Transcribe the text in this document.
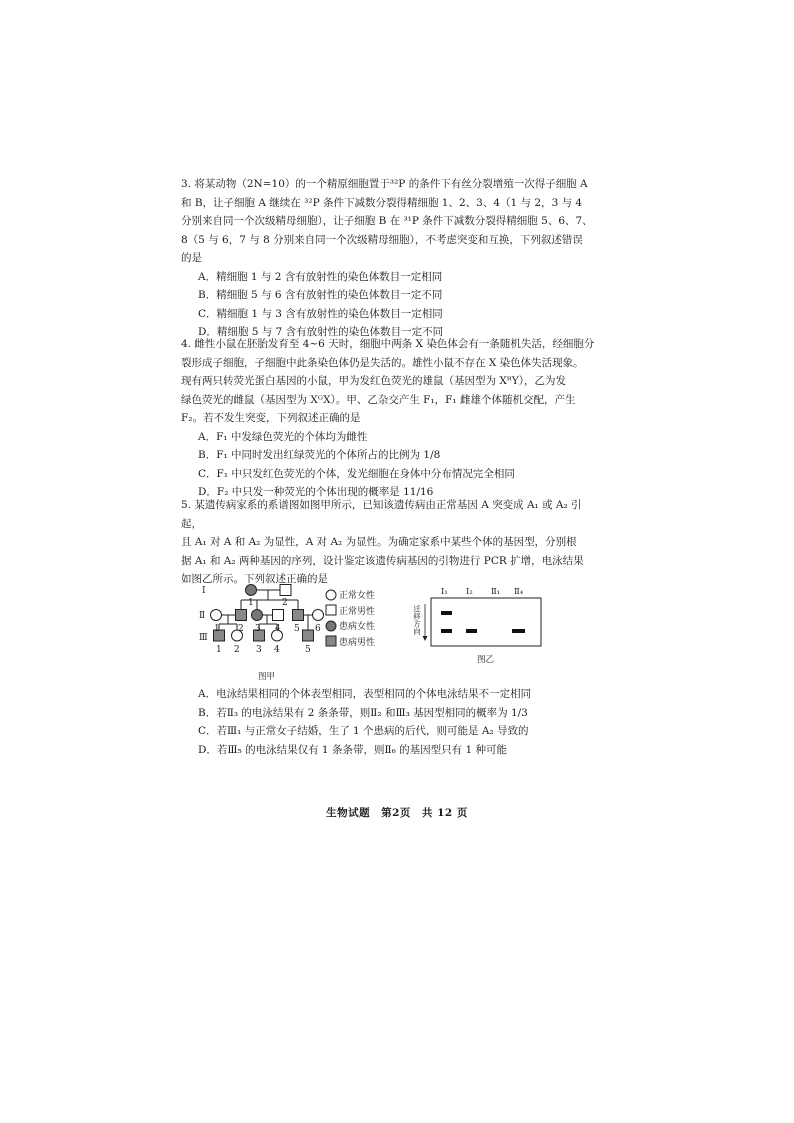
3. 将某动物（2N=10）的一个精原细胞置于³²P 的条件下有丝分裂增殖一次得子细胞 A

和 B，让子细胞 A 继续在 ³²P 条件下减数分裂得精细胞 1、2、3、4（1 与 2，3 与 4

分别来自同一个次级精母细胞），让子细胞 B 在 ³¹P 条件下减数分裂得精细胞 5、6、7、

8（5 与 6，7 与 8 分别来自同一个次级精母细胞），不考虑突变和互换，下列叙述错误

的是

A．精细胞 1 与 2 含有放射性的染色体数目一定相同

B．精细胞 5 与 6 含有放射性的染色体数目一定不同

C．精细胞 1 与 3 含有放射性的染色体数目一定相同

D．精细胞 5 与 7 含有放射性的染色体数目一定不同

4. 雌性小鼠在胚胎发育至 4~6 天时，细胞中两条 X 染色体会有一条随机失活，经细胞分

裂形成子细胞，子细胞中此条染色体仍是失活的。雄性小鼠不存在 X 染色体失活现象。

现有两只转荧光蛋白基因的小鼠，甲为发红色荧光的雄鼠（基因型为 XᴿY），乙为发

绿色荧光的雌鼠（基因型为 XᴳX）。甲、乙杂交产生 F₁，F₁ 雌雄个体随机交配，产生

F₂。若不发生突变，下列叙述正确的是

A．F₁ 中发绿色荧光的个体均为雌性

B．F₁ 中同时发出红绿荧光的个体所占的比例为 1/8

C．F₁ 中只发红色荧光的个体，发光细胞在身体中分布情况完全相同

D．F₂ 中只发一种荧光的个体出现的概率是 11/16

5. 某遗传病家系的系谱图如图甲所示，已知该遗传病由正常基因 A 突变成 A₁ 或 A₂ 引起，

且 A₁ 对 A 和 A₂ 为显性，A 对 A₂ 为显性。为确定家系中某些个体的基因型，分别根

据 A₁ 和 A₂ 两种基因的序列，设计鉴定该遗传病基因的引物进行 PCR 扩增，电泳结果

如图乙所示。下列叙述正确的是

Ⅰ
Ⅱ
Ⅲ
1	2
1 2 3 4 5 6
1 2 3 4	5
图甲
正常女性
正常男性
患病女性
患病男性
Ⅰ₁ Ⅰ₂ Ⅱ₁ Ⅱ₄
迁移方向
图乙

A．电泳结果相同的个体表型相同，表型相同的个体电泳结果不一定相同

B．若Ⅱ₃ 的电泳结果有 2 条条带，则Ⅱ₂ 和Ⅲ₃ 基因型相同的概率为 1/3

C．若Ⅲ₁ 与正常女子结婚，生了 1 个患病的后代，则可能是 A₂ 导致的

D．若Ⅲ₅ 的电泳结果仅有 1 条条带，则Ⅱ₆ 的基因型只有 1 种可能

生物试题　第2页　共 12 页
